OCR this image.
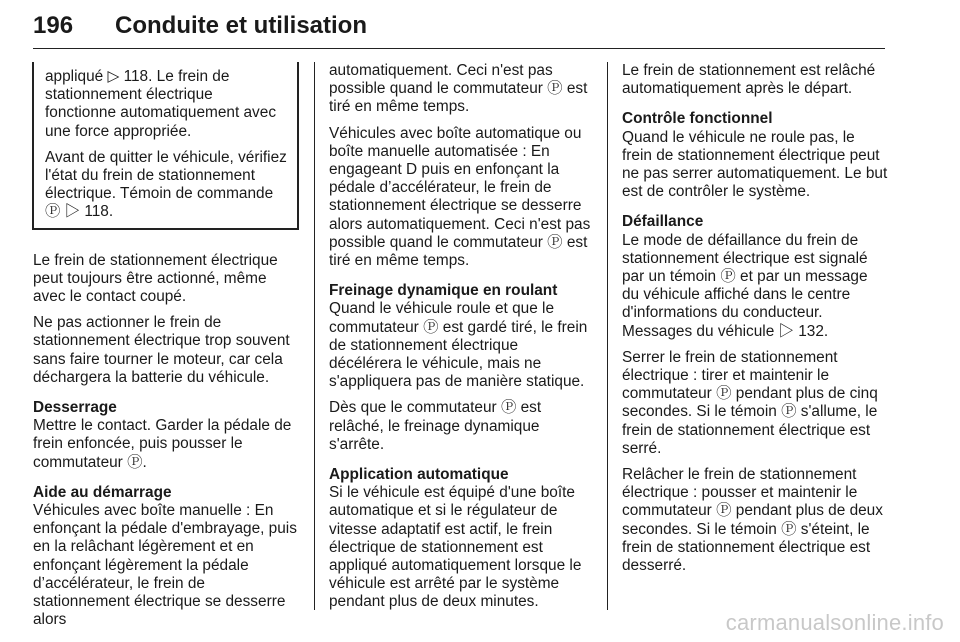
196 Conduite et utilisation

appliqué ▷ 118. Le frein de stationnement électrique fonctionne automatiquement avec une force appropriée.

Avant de quitter le véhicule, vérifiez l'état du frein de stationnement électrique. Témoin de commande Ⓟ ▷ 118.

Le frein de stationnement électrique peut toujours être actionné, même avec le contact coupé.

Ne pas actionner le frein de stationnement électrique trop souvent sans faire tourner le moteur, car cela déchargera la batterie du véhicule.

Desserrage

Mettre le contact. Garder la pédale de frein enfoncée, puis pousser le commutateur Ⓟ.

Aide au démarrage

Véhicules avec boîte manuelle : En enfonçant la pédale d'embrayage, puis en la relâchant légèrement et en enfonçant légèrement la pédale d’accélérateur, le frein de stationnement électrique se desserre alors

automatiquement. Ceci n'est pas possible quand le commutateur Ⓟ est tiré en même temps.

Véhicules avec boîte automatique ou boîte manuelle automatisée : En engageant D puis en enfonçant la pédale d’accélérateur, le frein de stationnement électrique se desserre alors automatiquement. Ceci n'est pas possible quand le commutateur Ⓟ est tiré en même temps.

Freinage dynamique en roulant

Quand le véhicule roule et que le commutateur Ⓟ est gardé tiré, le frein de stationnement électrique décélérera le véhicule, mais ne s'appliquera pas de manière statique.

Dès que le commutateur Ⓟ est relâché, le freinage dynamique s'arrête.

Application automatique

Si le véhicule est équipé d'une boîte automatique et si le régulateur de vitesse adaptatif est actif, le frein électrique de stationnement est appliqué automatiquement lorsque le véhicule est arrêté par le système pendant plus de deux minutes.

Le frein de stationnement est relâché automatiquement après le départ.

Contrôle fonctionnel

Quand le véhicule ne roule pas, le frein de stationnement électrique peut ne pas serrer automatiquement. Le but est de contrôler le système.

Défaillance

Le mode de défaillance du frein de stationnement électrique est signalé par un témoin Ⓟ et par un message du véhicule affiché dans le centre d'informations du conducteur. Messages du véhicule ▷ 132.

Serrer le frein de stationnement électrique : tirer et maintenir le commutateur Ⓟ pendant plus de cinq secondes. Si le témoin Ⓟ s'allume, le frein de stationnement électrique est serré.

Relâcher le frein de stationnement électrique : pousser et maintenir le commutateur Ⓟ pendant plus de deux secondes. Si le témoin Ⓟ s'éteint, le frein de stationnement électrique est desserré.

carmanualsonline.info
